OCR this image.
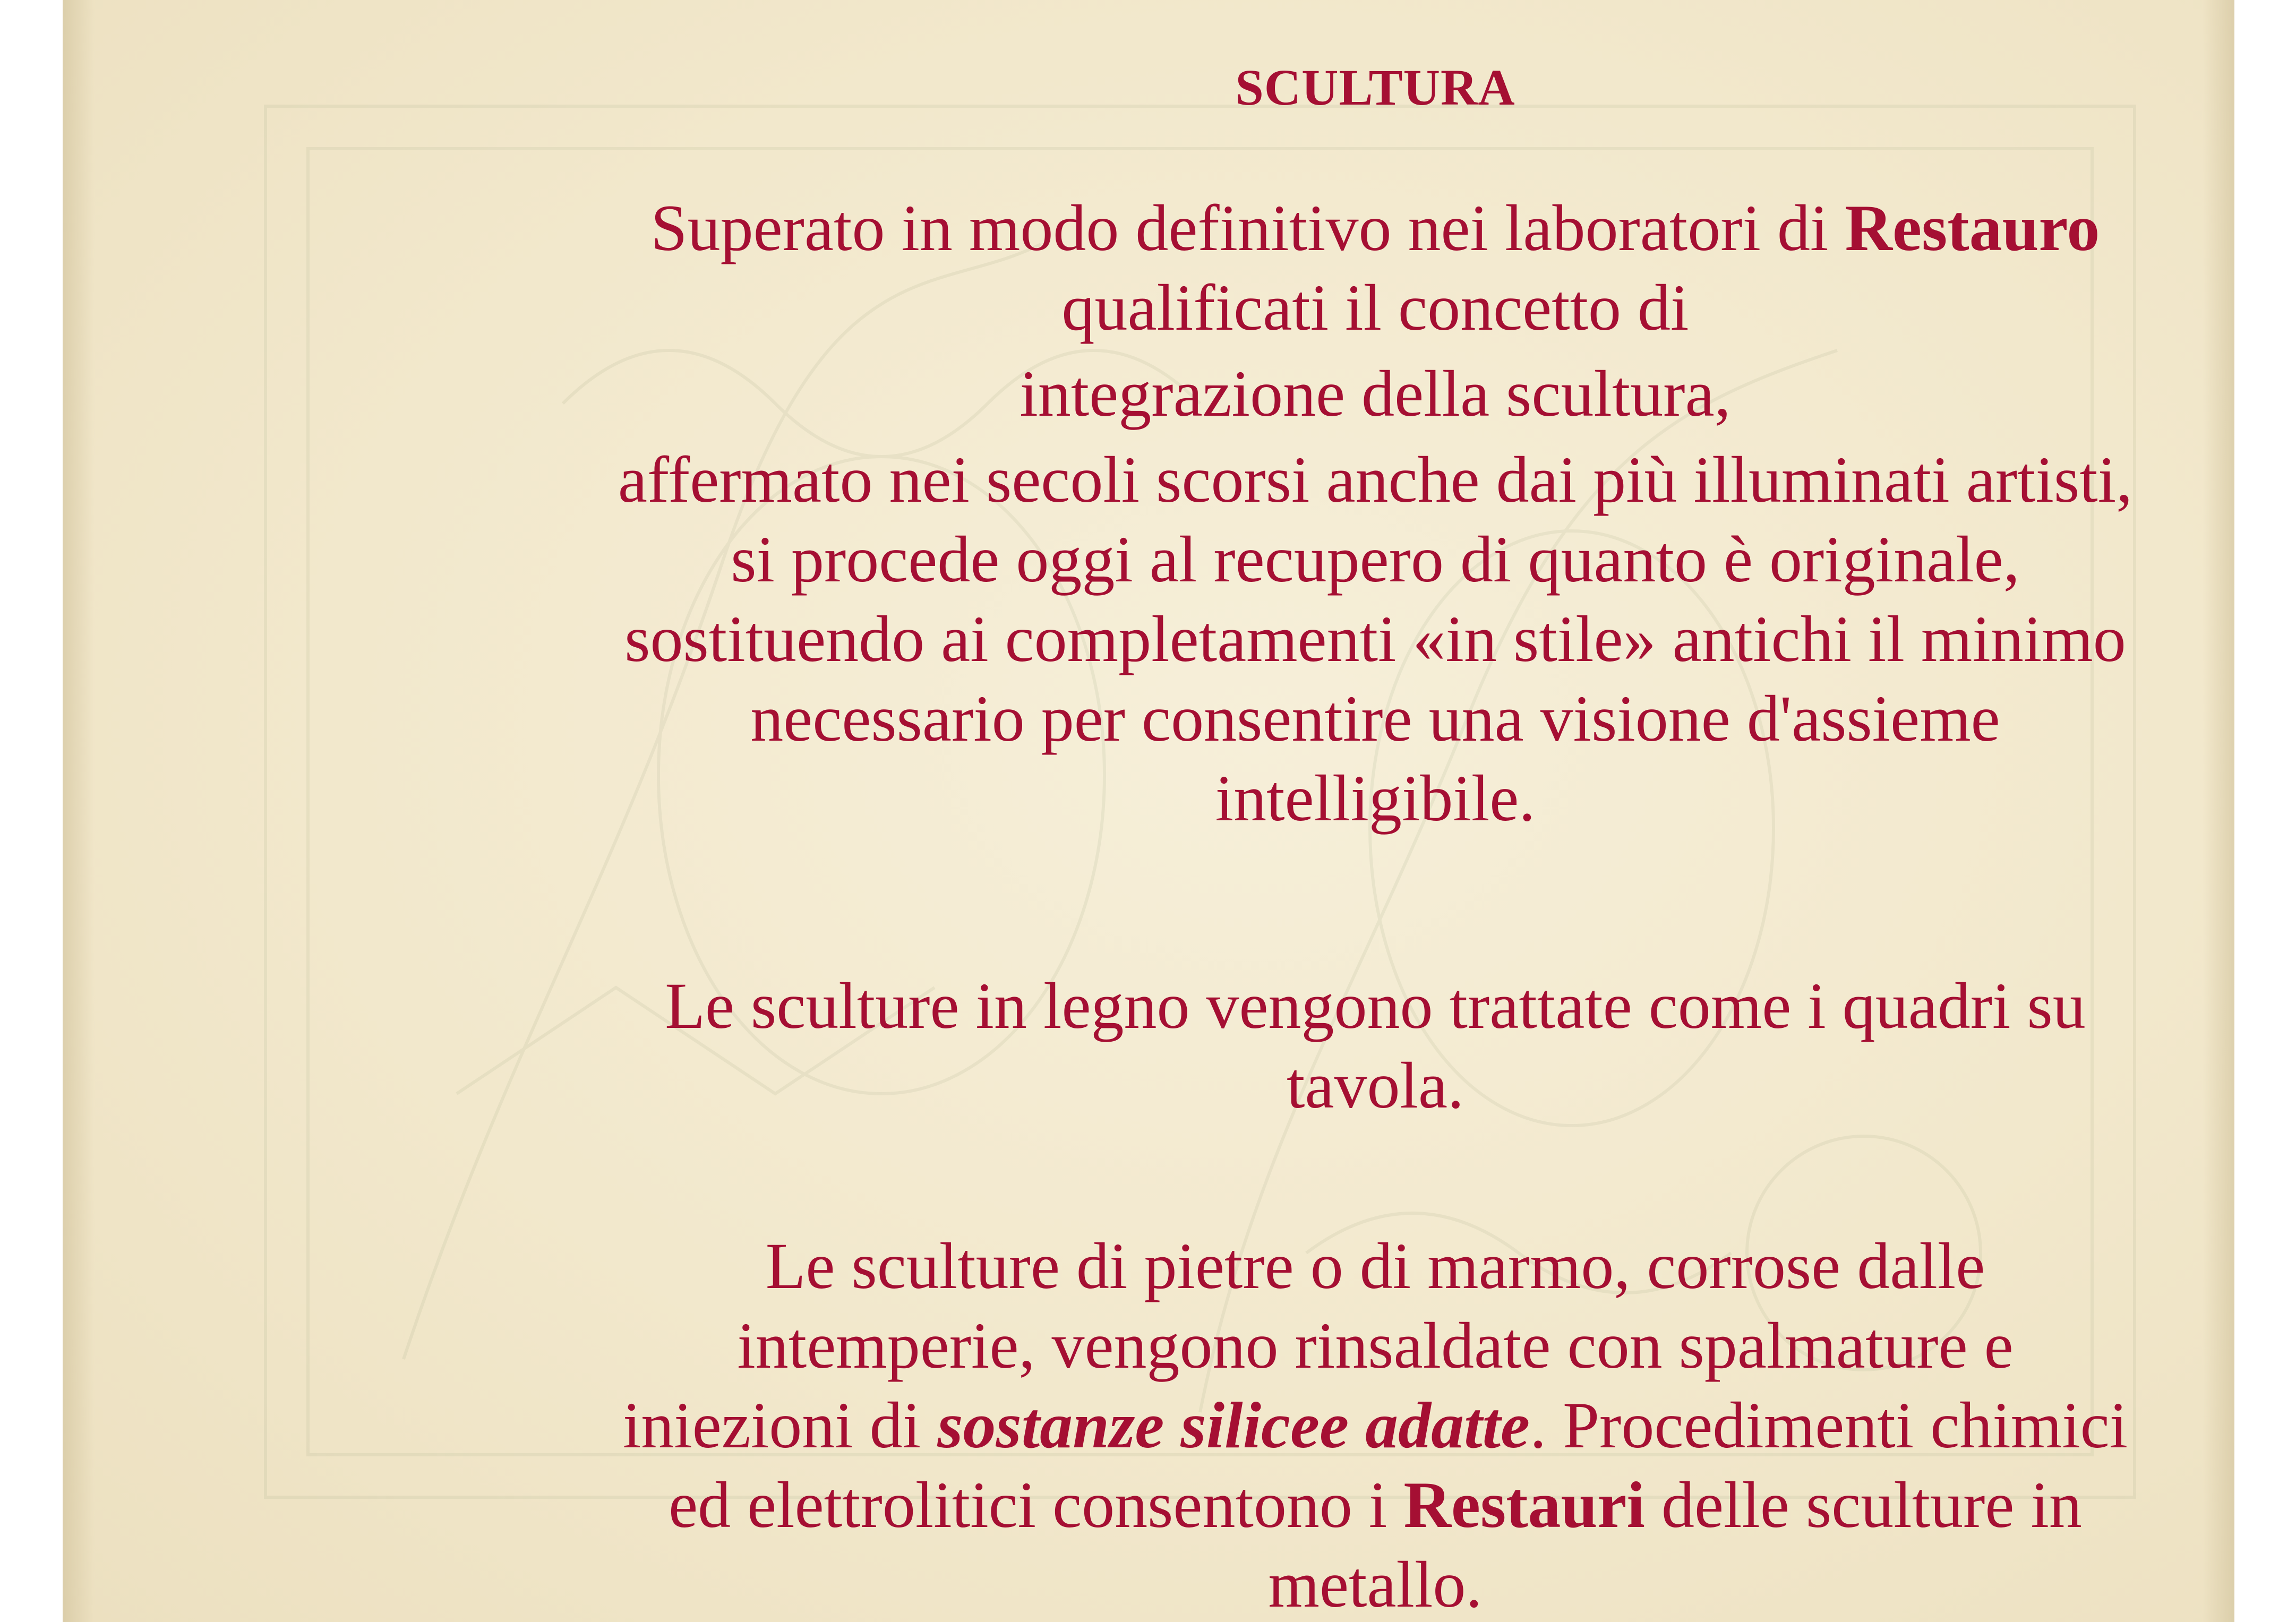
SCULTURA
Superato in modo definitivo nei laboratori di Restauro
qualificati il concetto di
integrazione della scultura,
affermato nei secoli scorsi anche dai più illuminati artisti,
si procede oggi al recupero di quanto è originale,
sostituendo ai completamenti «in stile» antichi il minimo
necessario per consentire una visione d'assieme
intelligibile.
Le sculture in legno vengono trattate come i quadri su
tavola.
Le sculture di pietre o di marmo, corrose dalle
intemperie, vengono rinsaldate con spalmature e
iniezioni di sostanze silicee adatte. Procedimenti chimici
ed elettrolitici consentono i Restauri delle sculture in
metallo.
